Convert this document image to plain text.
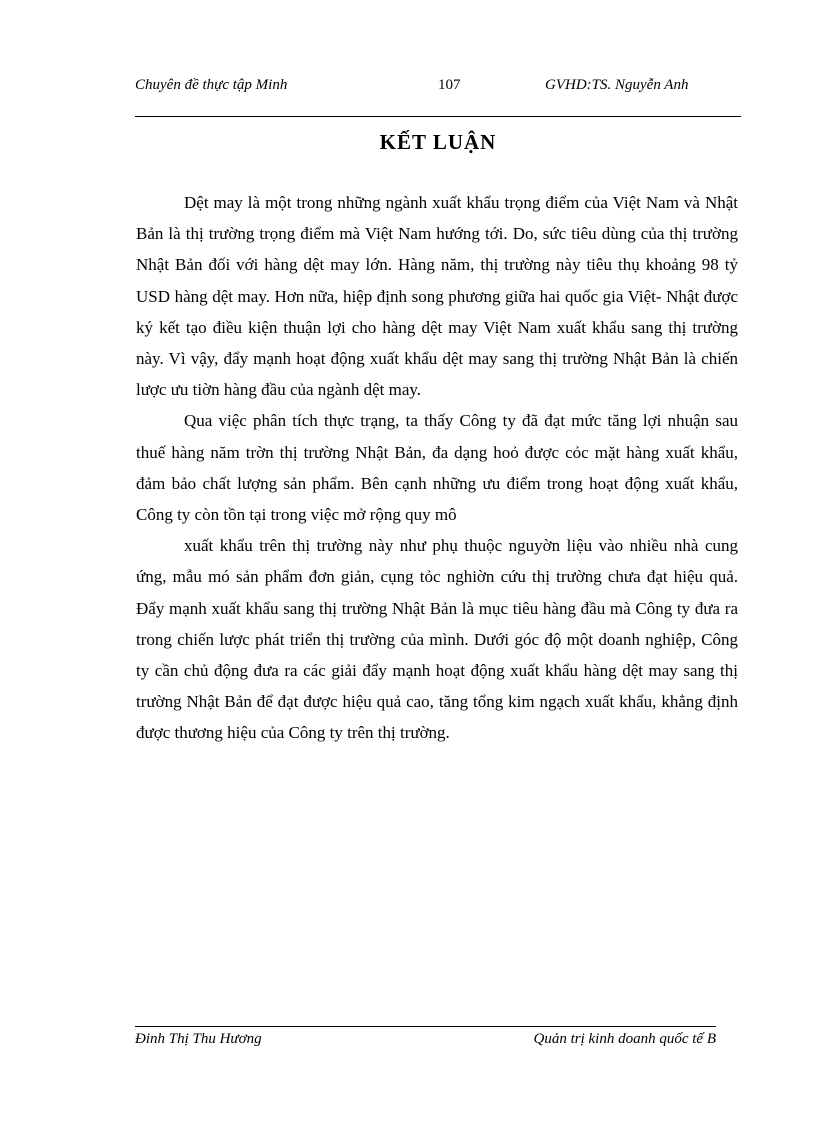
Chuyên đề thực tập Minh	107	GVHD:TS. Nguyễn Anh
KẾT LUẬN

Dệt may là một trong những ngành xuất khẩu trọng điểm của Việt Nam và Nhật Bản là thị trường trọng điểm mà Việt Nam hướng tới. Do, sức tiêu dùng của thị trường Nhật Bản đối với hàng dệt may lớn. Hàng năm, thị trường này tiêu thụ khoảng 98 tỷ USD hàng dệt may. Hơn nữa, hiệp định song phương giữa hai quốc gia Việt- Nhật được ký kết tạo điều kiện thuận lợi cho hàng dệt may Việt Nam xuất khẩu sang thị trường này. Vì vậy, đẩy mạnh hoạt động xuất khẩu dệt may sang thị trường Nhật Bản là chiến lược ưu tiờn hàng đầu của ngành dệt may.

Qua việc phân tích thực trạng, ta thấy Công ty đã đạt mức tăng lợi nhuận sau thuế hàng năm trờn thị trường Nhật Bản, đa dạng hoỏ được cỏc mặt hàng xuất khẩu, đảm bảo chất lượng sản phẩm. Bên cạnh những ưu điểm trong hoạt động xuất khẩu, Công ty còn tồn tại trong việc mở rộng quy mô

xuất khẩu trên thị trường này như phụ thuộc nguyờn liệu vào nhiều nhà cung ứng, mẫu mó sản phẩm đơn giản, cụng tỏc nghiờn cứu thị trường chưa đạt hiệu quả. Đẩy mạnh xuất khẩu sang thị trường Nhật Bản là mục tiêu hàng đầu mà Công ty đưa ra trong chiến lược phát triển thị trường của mình. Dưới góc độ một doanh nghiệp, Công ty cần chủ động đưa ra các giải đẩy mạnh hoạt động xuất khẩu hàng dệt may sang thị trường Nhật Bản để đạt được hiệu quả cao, tăng tổng kim ngạch xuất khẩu, khẳng định được thương hiệu của Công ty trên thị trường.

Đinh Thị Thu Hương	Quản trị kinh doanh quốc tế B
